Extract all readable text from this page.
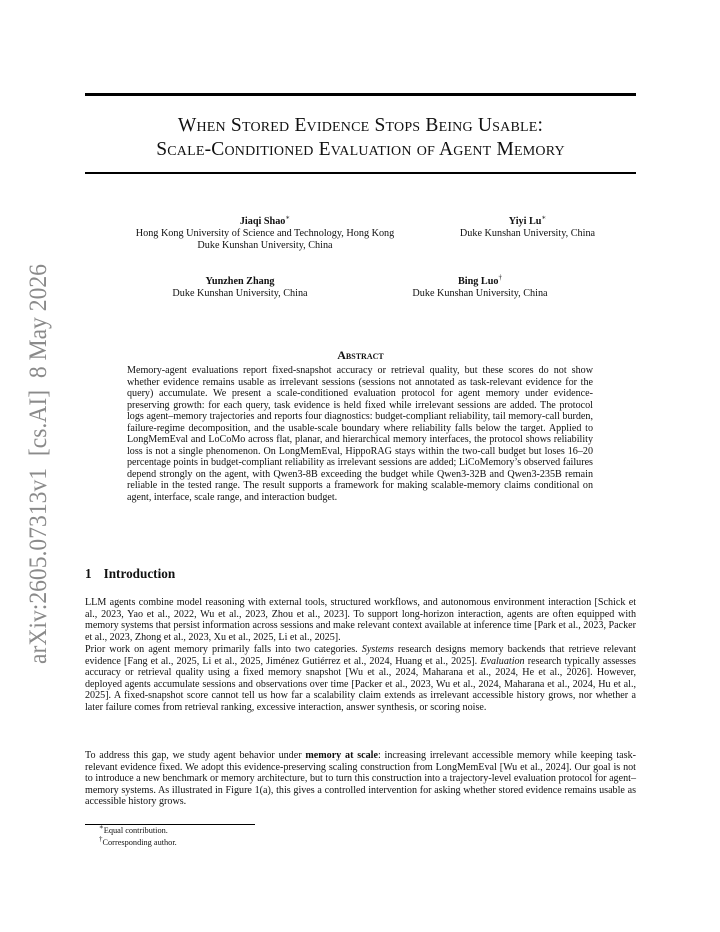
arXiv:2605.07313v1  [cs.AI]  8 May 2026
When Stored Evidence Stops Being Usable:
Scale-Conditioned Evaluation of Agent Memory
Jiaqi Shao∗
Hong Kong University of Science and Technology, Hong Kong
Duke Kunshan University, China
Yiyi Lu∗
Duke Kunshan University, China
Yunzhen Zhang
Duke Kunshan University, China
Bing Luo†
Duke Kunshan University, China
Abstract
Memory-agent evaluations report fixed-snapshot accuracy or retrieval quality, but these scores do not show whether evidence remains usable as irrelevant sessions (sessions not annotated as task-relevant evidence for the query) accumulate. We present a scale-conditioned evaluation protocol for agent memory under evidence-preserving growth: for each query, task evidence is held fixed while irrelevant sessions are added. The protocol logs agent–memory trajectories and reports four diagnostics: budget-compliant reliability, tail memory-call burden, failure-regime decomposition, and the usable-scale boundary where reliability falls below the target. Applied to LongMemEval and LoCoMo across flat, planar, and hierarchical memory interfaces, the protocol shows reliability loss is not a single phenomenon. On LongMemEval, HippoRAG stays within the two-call budget but loses 16–20 percentage points in budget-compliant reliability as irrelevant sessions are added; LiCoMemory’s observed failures depend strongly on the agent, with Qwen3-8B exceeding the budget while Qwen3-32B and Qwen3-235B remain reliable in the tested range. The result supports a framework for making scalable-memory claims conditional on agent, interface, scale range, and interaction budget.
1 Introduction
LLM agents combine model reasoning with external tools, structured workflows, and autonomous environment interaction [Schick et al., 2023, Yao et al., 2022, Wu et al., 2023, Zhou et al., 2023]. To support long-horizon interaction, agents are often equipped with memory systems that persist information across sessions and make relevant context available at inference time [Park et al., 2023, Packer et al., 2023, Zhong et al., 2023, Xu et al., 2025, Li et al., 2025].
Prior work on agent memory primarily falls into two categories. Systems research designs memory backends that retrieve relevant evidence [Fang et al., 2025, Li et al., 2025, Jiménez Gutiérrez et al., 2024, Huang et al., 2025]. Evaluation research typically assesses accuracy or retrieval quality using a fixed memory snapshot [Wu et al., 2024, Maharana et al., 2024, He et al., 2026]. However, deployed agents accumulate sessions and observations over time [Packer et al., 2023, Wu et al., 2024, Maharana et al., 2024, Hu et al., 2025]. A fixed-snapshot score cannot tell us how far a scalability claim extends as irrelevant accessible history grows, nor whether a later failure comes from retrieval ranking, excessive interaction, answer synthesis, or scoring noise.
To address this gap, we study agent behavior under memory at scale: increasing irrelevant accessible memory while keeping task-relevant evidence fixed. We adopt this evidence-preserving scaling construction from LongMemEval [Wu et al., 2024]. Our goal is not to introduce a new benchmark or memory architecture, but to turn this construction into a trajectory-level evaluation protocol for agent–memory systems. As illustrated in Figure 1(a), this gives a controlled intervention for asking whether stored evidence remains usable as accessible history grows.
∗Equal contribution.
†Corresponding author.
